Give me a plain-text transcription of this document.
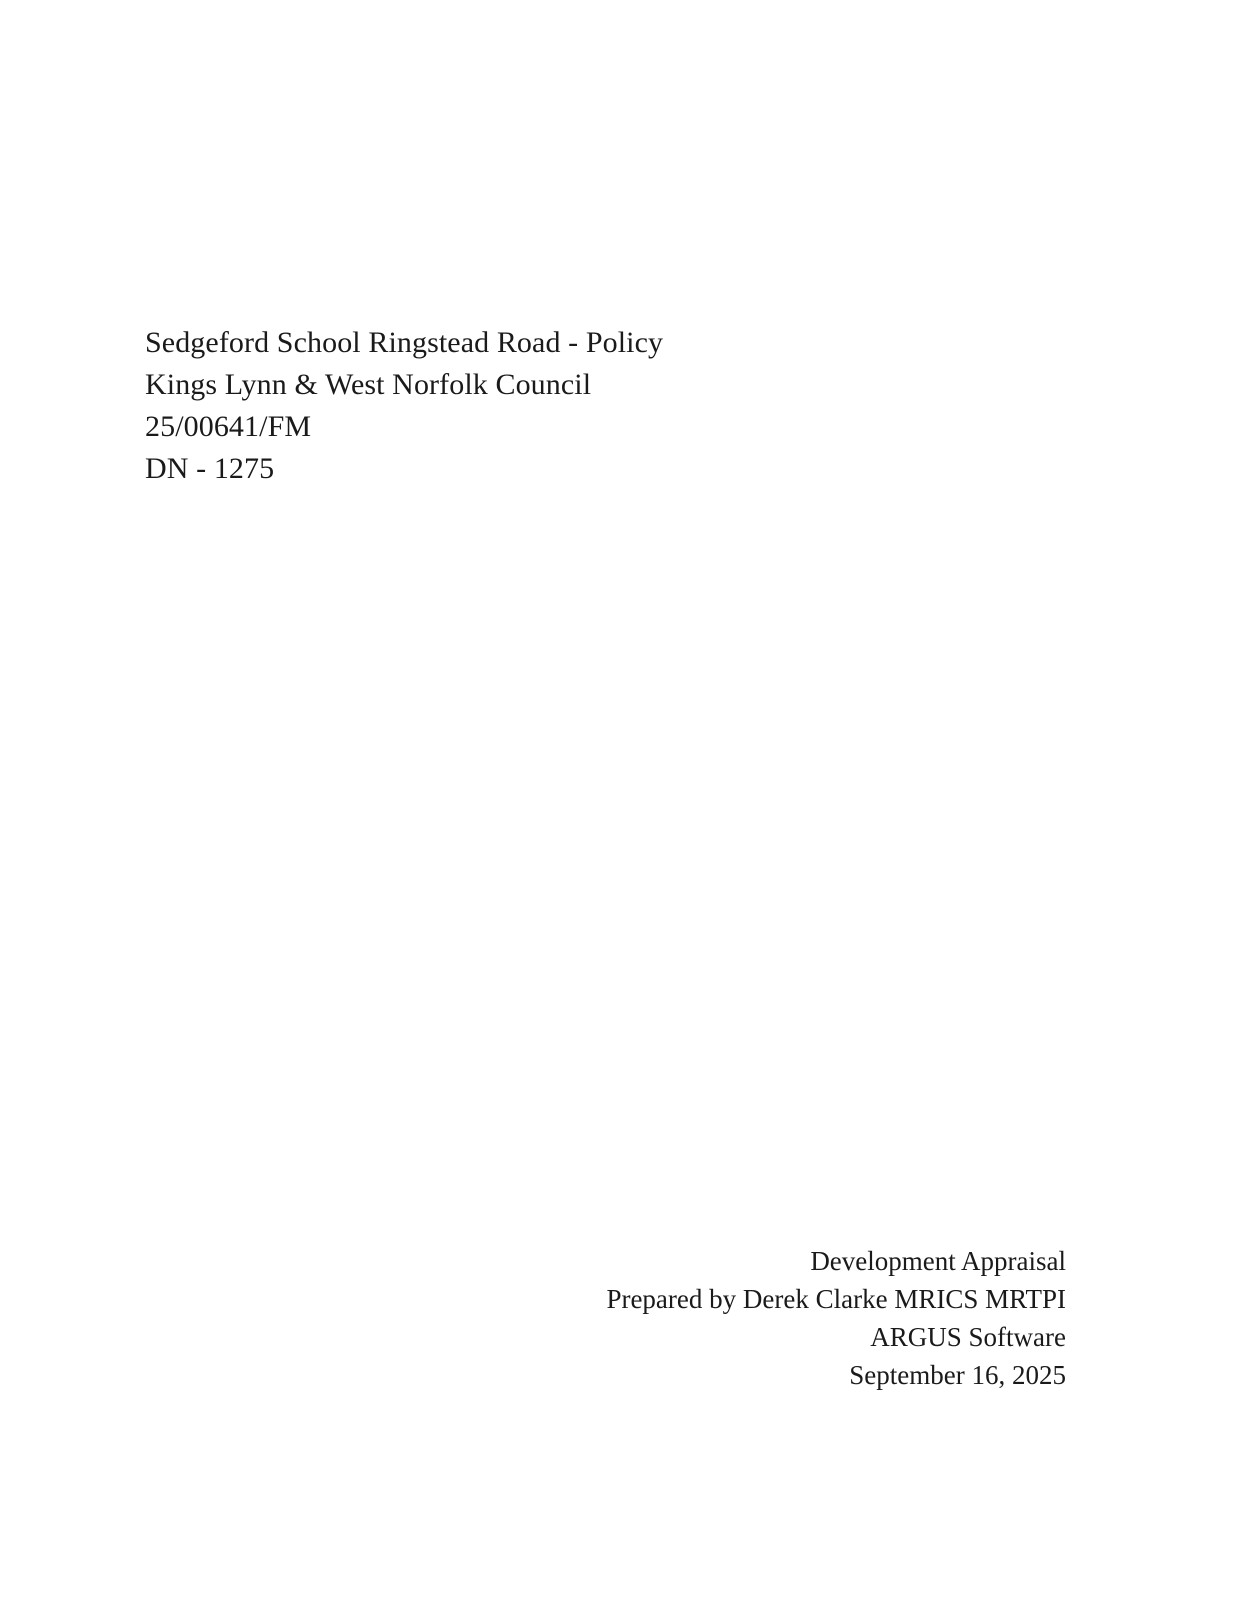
Sedgeford School Ringstead Road - Policy
Kings Lynn & West Norfolk Council
25/00641/FM
DN - 1275
Development Appraisal
Prepared by Derek Clarke MRICS MRTPI
ARGUS Software
September 16, 2025
